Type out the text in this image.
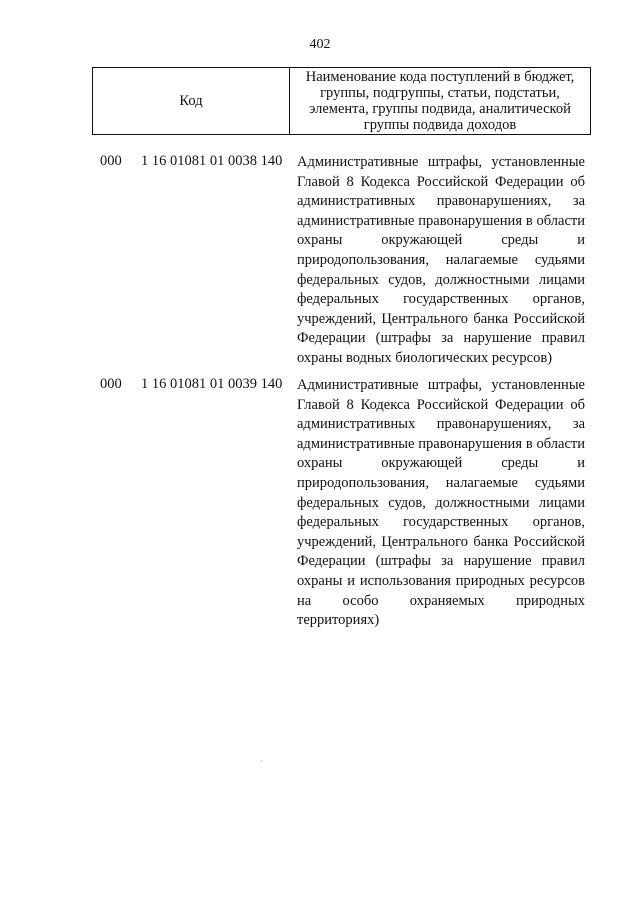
402
Код
Наименование кода поступлений в бюджет, группы, подгруппы, статьи, подстатьи, элемента, группы подвида, аналитической группы подвида доходов
000 1 16 01081 01 0038 140 Административные штрафы, установленные Главой 8 Кодекса Российской Федерации об административных правонарушениях, за административные правонарушения в области охраны окружающей среды и природопользования, налагаемые судьями федеральных судов, должностными лицами федеральных государственных органов, учреждений, Центрального банка Российской Федерации (штрафы за нарушение правил охраны водных биологических ресурсов)
000 1 16 01081 01 0039 140 Административные штрафы, установленные Главой 8 Кодекса Российской Федерации об административных правонарушениях, за административные правонарушения в области охраны окружающей среды и природопользования, налагаемые судьями федеральных судов, должностными лицами федеральных государственных органов, учреждений, Центрального банка Российской Федерации (штрафы за нарушение правил охраны и использования природных ресурсов на особо охраняемых природных территориях)
